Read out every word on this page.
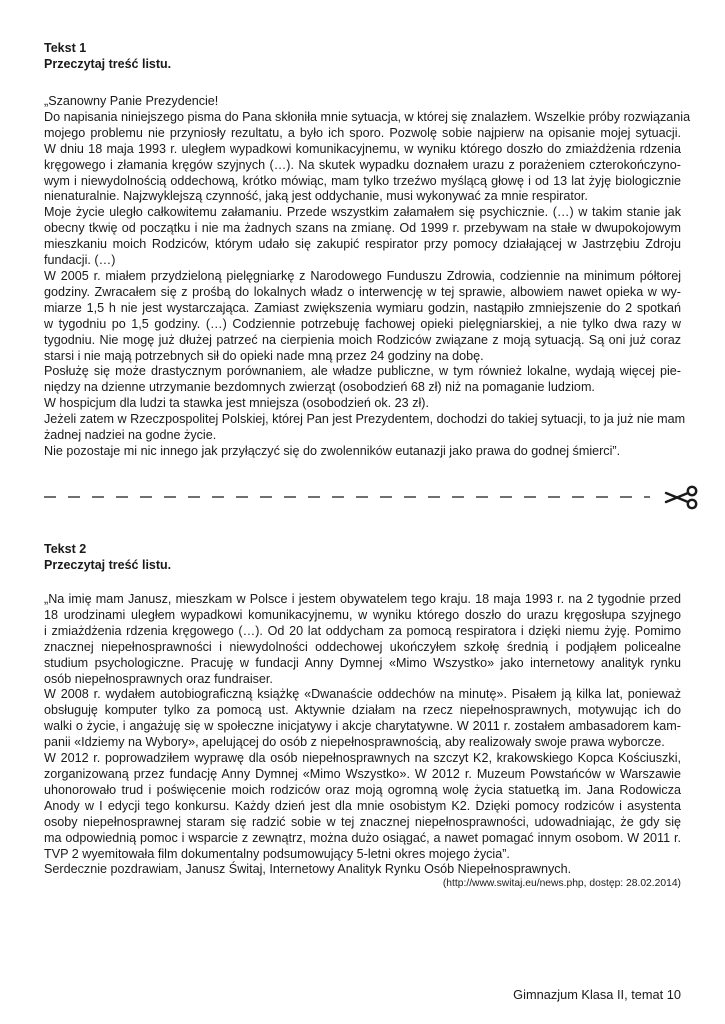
Tekst 1
Przeczytaj treść listu.
„Szanowny Panie Prezydencie!
Do napisania niniejszego pisma do Pana skłoniła mnie sytuacja, w której się znalazłem. Wszelkie próby rozwiązania
mojego problemu nie przyniosły rezultatu, a było ich sporo. Pozwolę sobie najpierw na opisanie mojej sytuacji.
W dniu 18 maja 1993 r. uległem wypadkowi komunikacyjnemu, w wyniku którego doszło do zmiażdżenia rdzenia
kręgowego i złamania kręgów szyjnych (…). Na skutek wypadku doznałem urazu z porażeniem czterokończyno-
wym i niewydolnością oddechową, krótko mówiąc, mam tylko trzeźwo myślącą głowę i od 13 lat żyję biologicznie
nienaturalnie. Najzwyklejszą czynność, jaką jest oddychanie, musi wykonywać za mnie respirator.
Moje życie uległo całkowitemu załamaniu. Przede wszystkim załamałem się psychicznie. (…) w takim stanie jak
obecny tkwię od początku i nie ma żadnych szans na zmianę. Od 1999 r. przebywam na stałe w dwupokojowym
mieszkaniu moich Rodziców, którym udało się zakupić respirator przy pomocy działającej w Jastrzębiu Zdroju
fundacji. (…)
W 2005 r. miałem przydzieloną pielęgniarkę z Narodowego Funduszu Zdrowia, codziennie na minimum półtorej
godziny. Zwracałem się z prośbą do lokalnych władz o interwencję w tej sprawie, albowiem nawet opieka w wy-
miarze 1,5 h nie jest wystarczająca. Zamiast zwiększenia wymiaru godzin, nastąpiło zmniejszenie do 2 spotkań
w tygodniu po 1,5 godziny. (…) Codziennie potrzebuję fachowej opieki pielęgniarskiej, a nie tylko dwa razy w
tygodniu. Nie mogę już dłużej patrzeć na cierpienia moich Rodziców związane z moją sytuacją. Są oni już coraz
starsi i nie mają potrzebnych sił do opieki nade mną przez 24 godziny na dobę.
Posłużę się może drastycznym porównaniem, ale władze publiczne, w tym również lokalne, wydają więcej pie-
niędzy na dzienne utrzymanie bezdomnych zwierząt (osobodzień 68 zł) niż na pomaganie ludziom.
W hospicjum dla ludzi ta stawka jest mniejsza (osobodzień ok. 23 zł).
Jeżeli zatem w Rzeczpospolitej Polskiej, której Pan jest Prezydentem, dochodzi do takiej sytuacji, to ja już nie mam
żadnej nadziei na godne życie.
Nie pozostaje mi nic innego jak przyłączyć się do zwolenników eutanazji jako prawa do godnej śmierci”.
Tekst 2
Przeczytaj treść listu.
„Na imię mam Janusz, mieszkam w Polsce i jestem obywatelem tego kraju. 18 maja 1993 r. na 2 tygodnie przed
18 urodzinami uległem wypadkowi komunikacyjnemu, w wyniku którego doszło do urazu kręgosłupa szyjnego
i zmiażdżenia rdzenia kręgowego (…). Od 20 lat oddycham za pomocą respiratora i dzięki niemu żyję. Pomimo
znacznej niepełnosprawności i niewydolności oddechowej ukończyłem szkołę średnią i podjąłem policealne
studium psychologiczne. Pracuję w fundacji Anny Dymnej «Mimo Wszystko» jako internetowy analityk rynku
osób niepełnosprawnych oraz fundraiser.
W 2008 r. wydałem autobiograficzną książkę «Dwanaście oddechów na minutę». Pisałem ją kilka lat, ponieważ
obsługuję komputer tylko za pomocą ust. Aktywnie działam na rzecz niepełnosprawnych, motywując ich do
walki o życie, i angażuję się w społeczne inicjatywy i akcje charytatywne. W 2011 r. zostałem ambasadorem kam-
panii «Idziemy na Wybory», apelującej do osób z niepełnosprawnością, aby realizowały swoje prawa wyborcze.
W 2012 r. poprowadziłem wyprawę dla osób niepełnosprawnych na szczyt K2, krakowskiego Kopca Kościuszki,
zorganizowaną przez fundację Anny Dymnej «Mimo Wszystko». W 2012 r. Muzeum Powstańców w Warszawie
uhonorowało trud i poświęcenie moich rodziców oraz moją ogromną wolę życia statuetką im. Jana Rodowicza
Anody w I edycji tego konkursu. Każdy dzień jest dla mnie osobistym K2. Dzięki pomocy rodziców i asystenta
osoby niepełnosprawnej staram się radzić sobie w tej znacznej niepełnosprawności, udowadniając, że gdy się
ma odpowiednią pomoc i wsparcie z zewnątrz, można dużo osiągać, a nawet pomagać innym osobom. W 2011 r.
TVP 2 wyemitowała film dokumentalny podsumowujący 5-letni okres mojego życia”.
Serdecznie pozdrawiam, Janusz Świtaj, Internetowy Analityk Rynku Osób Niepełnosprawnych.
(http://www.switaj.eu/news.php, dostęp: 28.02.2014)
Gimnazjum Klasa II, temat 10
